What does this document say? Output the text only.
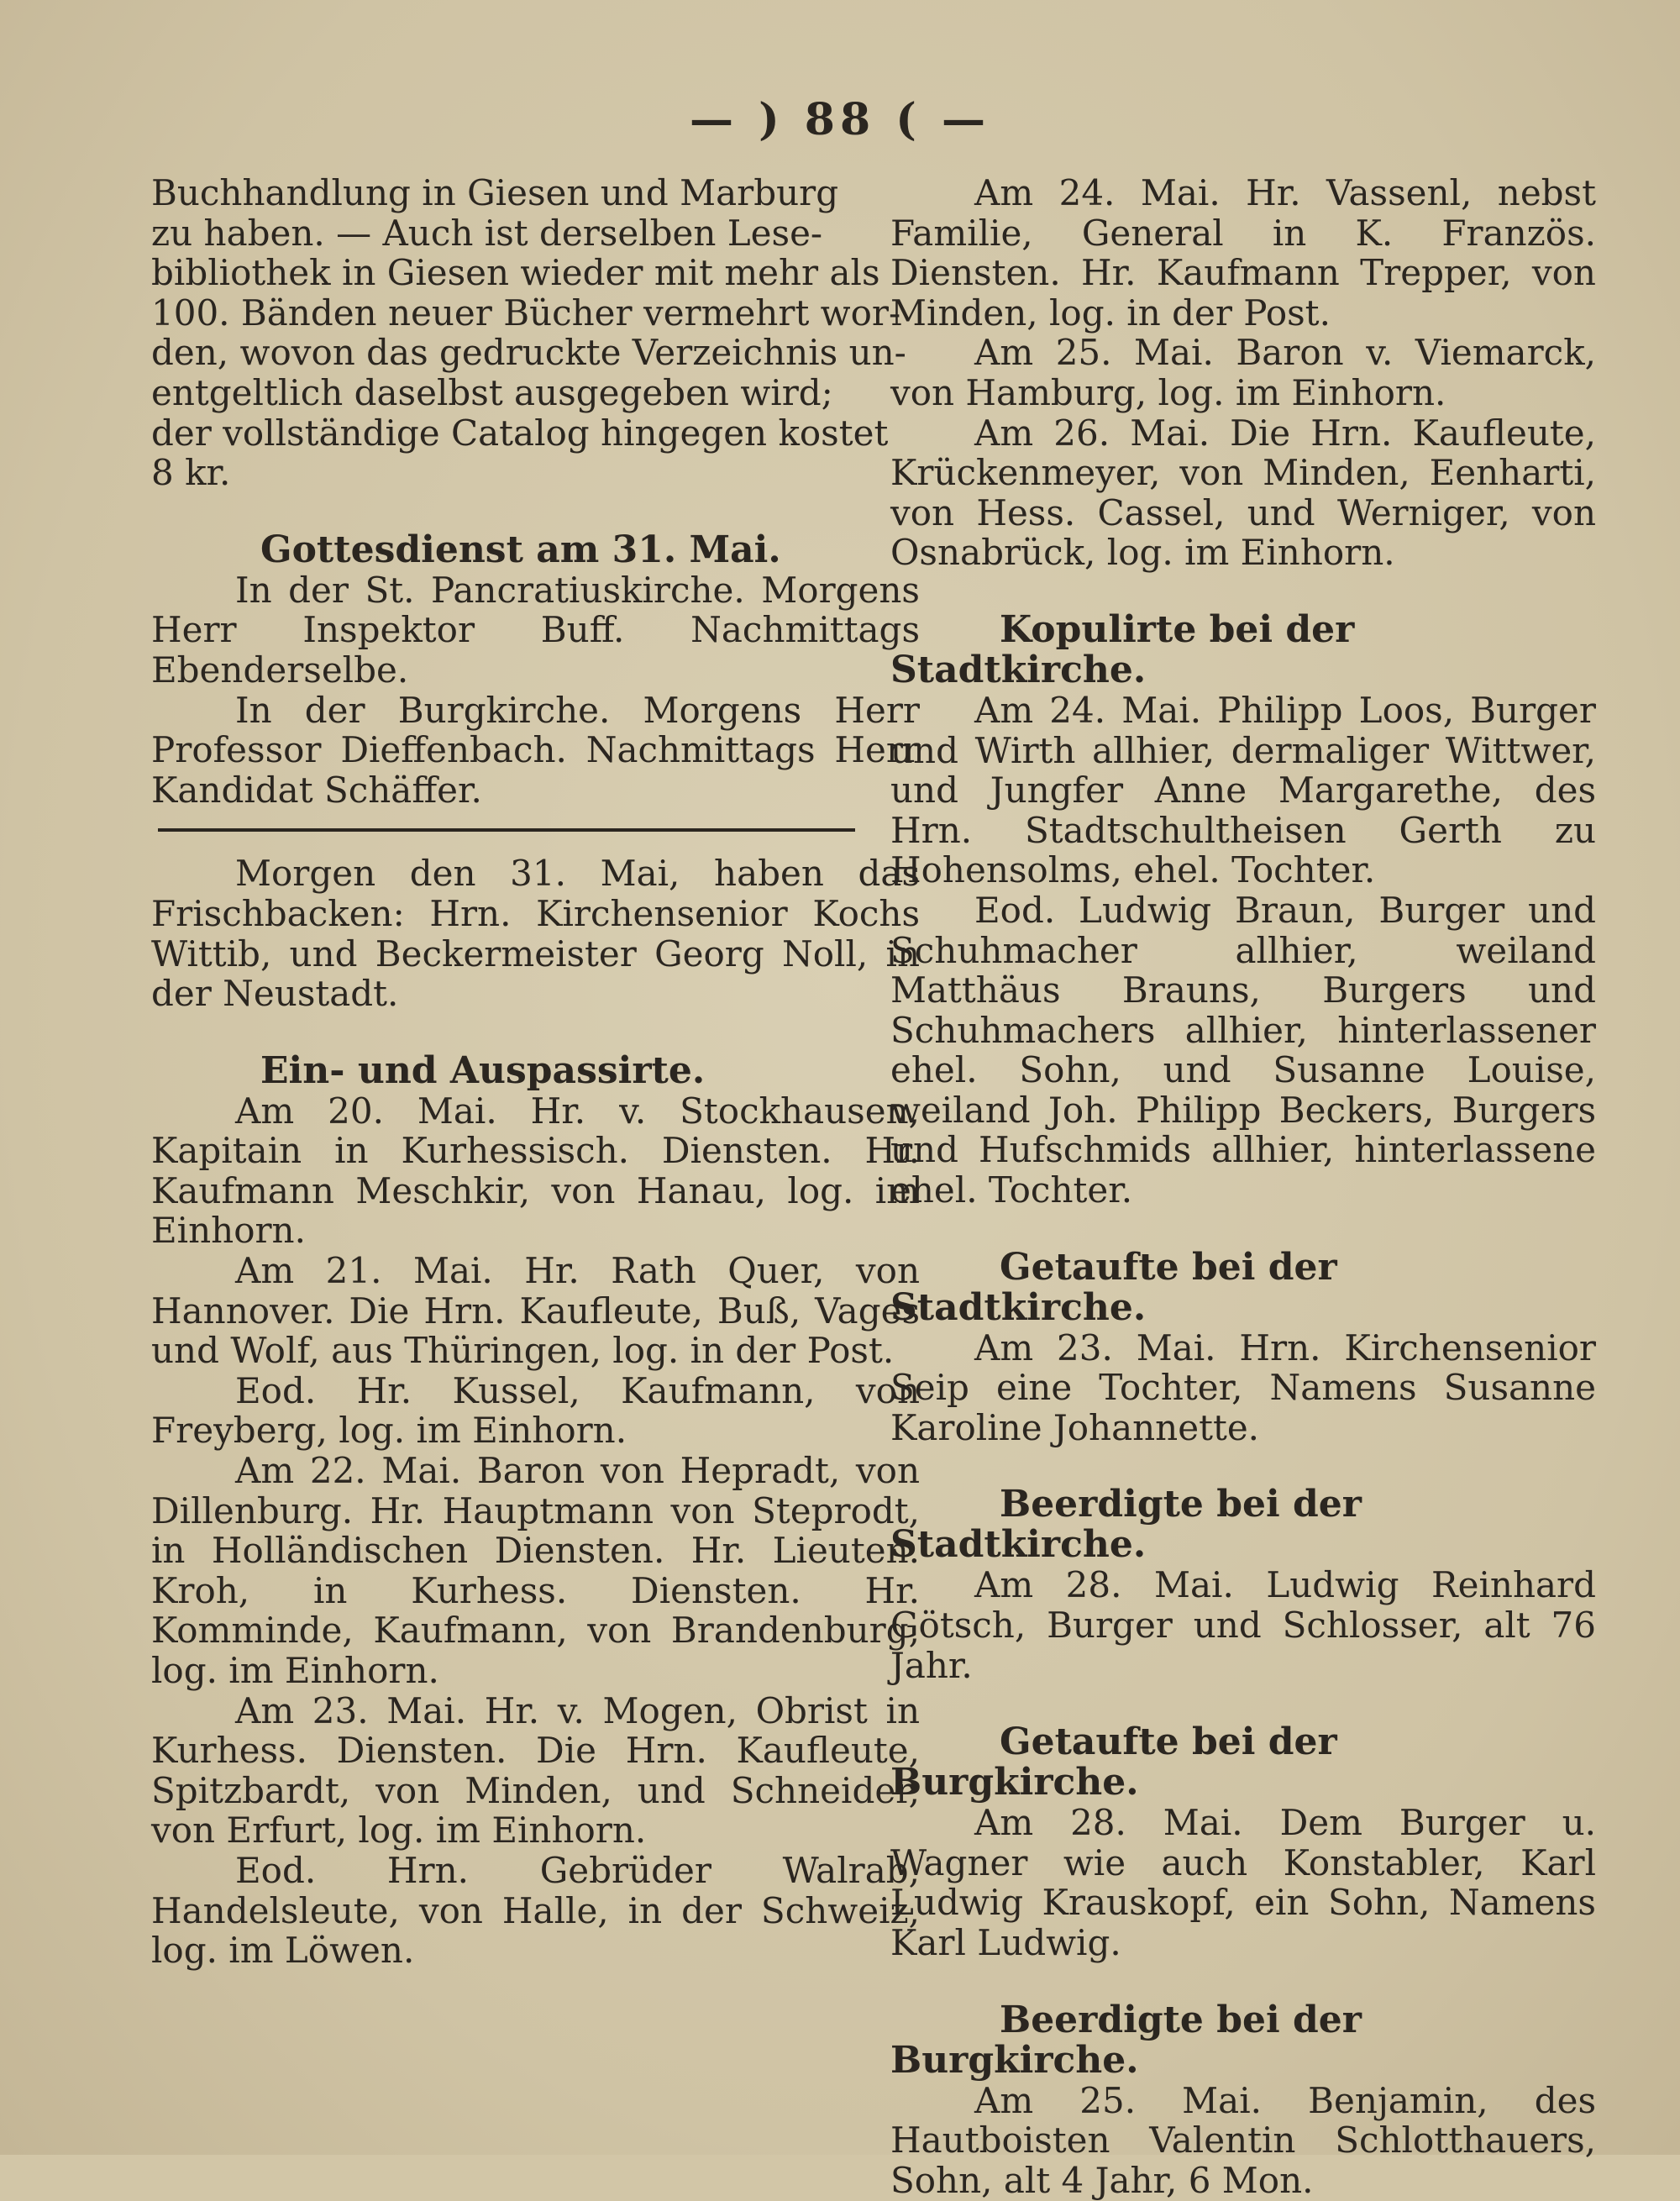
— ) 88 ( —

Buchhandlung in Giesen und Marburg

zu haben. — Auch ist derselben Lese-

bibliothek in Giesen wieder mit mehr als

100. Bänden neuer Bücher vermehrt wor-

den, wovon das gedruckte Verzeichnis un-

entgeltlich daselbst ausgegeben wird;

der vollständige Catalog hingegen kostet

8 kr.

Gottesdienst am 31. Mai.

In der St. Pancratiuskirche. Morgens Herr Inspektor Buff. Nachmittags Ebenderselbe.

In der Burgkirche. Morgens Herr Professor Dieffenbach. Nachmittags Herr Kandidat Schäffer.

Morgen den 31. Mai, haben das Frischbacken: Hrn. Kirchensenior Kochs Wittib, und Beckermeister Georg Noll, in der Neustadt.

Ein- und Auspassirte.

Am 20. Mai. Hr. v. Stockhausen, Kapitain in Kurhessisch. Diensten. Hr. Kaufmann Meschkir, von Hanau, log. im Einhorn.

Am 21. Mai. Hr. Rath Quer, von Hannover. Die Hrn. Kaufleute, Buß, Vages und Wolf, aus Thüringen, log. in der Post.

Eod. Hr. Kussel, Kaufmann, von Freyberg, log. im Einhorn.

Am 22. Mai. Baron von Hepradt, von Dillenburg. Hr. Hauptmann von Steprodt, in Holländischen Diensten. Hr. Lieuten. Kroh, in Kurhess. Diensten. Hr. Komminde, Kaufmann, von Brandenburg, log. im Einhorn.

Am 23. Mai. Hr. v. Mogen, Obrist in Kurhess. Diensten. Die Hrn. Kaufleute, Spitzbardt, von Minden, und Schneider, von Erfurt, log. im Einhorn.

Eod. Hrn. Gebrüder Walrab, Handelsleute, von Halle, in der Schweiz, log. im Löwen.

Am 24. Mai. Hr. Vassenl, nebst Familie, General in K. Französ. Diensten. Hr. Kaufmann Trepper, von Minden, log. in der Post.

Am 25. Mai. Baron v. Viemarck, von Hamburg, log. im Einhorn.

Am 26. Mai. Die Hrn. Kaufleute, Krückenmeyer, von Minden, Eenharti, von Hess. Cassel, und Werniger, von Osnabrück, log. im Einhorn.

Kopulirte bei der Stadtkirche.

Am 24. Mai. Philipp Loos, Burger und Wirth allhier, dermaliger Wittwer, und Jungfer Anne Margarethe, des Hrn. Stadtschultheisen Gerth zu Hohensolms, ehel. Tochter.

Eod. Ludwig Braun, Burger und Schuhmacher allhier, weiland Matthäus Brauns, Burgers und Schuhmachers allhier, hinterlassener ehel. Sohn, und Susanne Louise, weiland Joh. Philipp Beckers, Burgers und Hufschmids allhier, hinterlassene ehel. Tochter.

Getaufte bei der Stadtkirche.

Am 23. Mai. Hrn. Kirchensenior Seip eine Tochter, Namens Susanne Karoline Johannette.

Beerdigte bei der Stadtkirche.

Am 28. Mai. Ludwig Reinhard Götsch, Burger und Schlosser, alt 76 Jahr.

Getaufte bei der Burgkirche.

Am 28. Mai. Dem Burger u. Wagner wie auch Konstabler, Karl Ludwig Krauskopf, ein Sohn, Namens Karl Ludwig.

Beerdigte bei der Burgkirche.

Am 25. Mai. Benjamin, des Hautboisten Valentin Schlotthauers, Sohn, alt 4 Jahr, 6 Mon.
